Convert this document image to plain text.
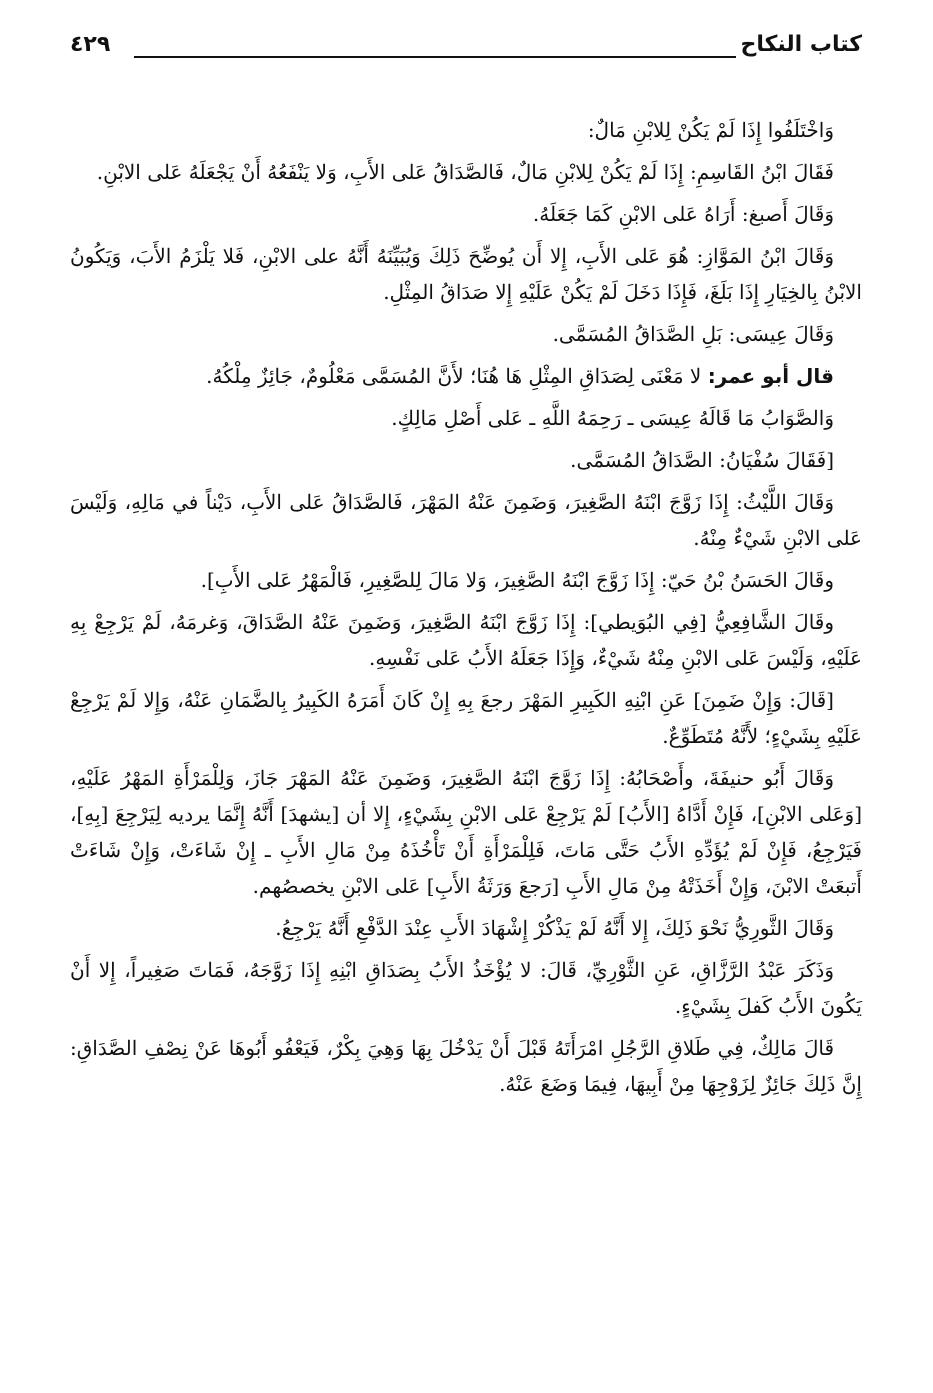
كتاب النكاح
٤٢٩

وَاخْتَلَفُوا إِذَا لَمْ يَكُنْ لِلابْنِ مَالٌ:

فَقَالَ ابْنُ القَاسِمِ: إِذَا لَمْ يَكُنْ لِلابْنِ مَالٌ، فَالصَّدَاقُ عَلى الأَبِ، وَلا يَنْفَعُهُ أَنْ يَجْعَلَهُ عَلى الابْنِ.

وَقَالَ أَصبغ: أَرَاهُ عَلى الابْنِ كَمَا جَعَلَهُ.

وَقَالَ ابْنُ المَوَّازِ: هُوَ عَلى الأَبِ، إِلا أَن يُوضِّحَ ذَلِكَ وَيُبَيِّنَهُ أَنَّهُ على الابْنِ، فَلا يَلْزَمُ الأَبَ، وَيَكُونُ الابْنُ بِالخِيَارِ إِذَا بَلَغَ، فَإِذَا دَخَلَ لَمْ يَكُنْ عَلَيْهِ إِلا صَدَاقُ المِثْلِ.

وَقَالَ عِيسَى: بَلِ الصَّدَاقُ المُسَمَّى.

قال أبو عمر: لا مَعْنَى لِصَدَاقِ المِثْلِ هَا هُنَا؛ لأَنَّ المُسَمَّى مَعْلُومٌ، جَائِزٌ مِلْكُهُ.

وَالصَّوَابُ مَا قَالَهُ عِيسَى ـ رَحِمَهُ اللَّهِ ـ عَلى أَصْلِ مَالِكٍ.

[فَقَالَ سُفْيَانُ: الصَّدَاقُ المُسَمَّى.

وَقَالَ اللَّيْثُ: إِذَا زَوَّجَ ابْنَهُ الصَّغِيرَ، وَضَمِنَ عَنْهُ المَهْرَ، فَالصَّدَاقُ عَلى الأَبِ، دَيْناً في مَالِهِ، وَلَيْسَ عَلى الابْنِ شَيْءٌ مِنْهُ.

وقَالَ الحَسَنُ بْنُ حَيّ: إِذَا زَوَّجَ ابْنَهُ الصَّغِيرَ، وَلا مَالَ لِلصَّغِيرِ، فَالْمَهْرُ عَلى الأَبِ].

وقَالَ الشَّافِعِيُّ [فِي البُوَيطي]: إِذَا زَوَّجَ ابْنَهُ الصَّغِيرَ، وَضَمِنَ عَنْهُ الصَّدَاقَ، وَغرمَهُ، لَمْ يَرْجِعْ بِهِ عَلَيْهِ، وَلَيْسَ عَلى الابْنِ مِنْهُ شَيْءٌ، وَإِذَا جَعَلَهُ الأَبُ عَلى نَفْسِهِ.

[قَالَ: وَإِنْ ضَمِنَ] عَنِ ابْنِهِ الكَبِيرِ المَهْرَ رجعَ بِهِ إِنْ كَانَ أَمَرَهُ الكَبِيرُ بِالضَّمَانِ عَنْهُ، وَإِلا لَمْ يَرْجِعْ عَلَيْهِ بِشَيْءٍ؛ لأَنَّهُ مُتَطَوِّعٌ.

وَقَالَ أَبُو حنيفَةَ، وأَصْحَابُهُ: إِذَا زَوَّجَ ابْنَهُ الصَّغِيرَ، وَضَمِنَ عَنْهُ المَهْرَ جَازَ، وَلِلْمَرْأَةِ المَهْرُ عَلَيْهِ، [وَعَلى الابْنِ]، فَإِنْ أَدَّاهُ [الأَبُ] لَمْ يَرْجِعْ عَلى الابْنِ بِشَيْءٍ، إِلا أن [يشهدَ] أَنَّهُ إِنَّمَا يرديه لِيَرْجِعَ [بِهِ]، فَيَرْجِعُ، فَإِنْ لَمْ يُؤَدِّهِ الأَبُ حَتَّى مَاتَ، فَلِلْمَرْأَةِ أَنْ تَأْخُذَهُ مِنْ مَالِ الأَبِ ـ إِنْ شَاءَتْ، وَإِنْ شَاءَتْ أَتبعَتْ الابْنَ، وَإِنْ أَخَذَتْهُ مِنْ مَالِ الأَبِ [رَجعَ وَرَثَةُ الأَبِ] عَلى الابْنِ يخصصُهم.

وَقَالَ الثَّورِيُّ نَحْوَ ذَلِكَ، إِلا أَنَّهُ لَمْ يَذْكُرْ إِشْهَادَ الأَبِ عِنْدَ الدَّفْعِ أَنَّهُ يَرْجِعُ.

وَذَكَرَ عَبْدُ الرَّزَّاقِ، عَنِ الثَّوْرِيِّ، قَالَ: لا يُؤْخَذُ الأَبُ بِصَدَاقِ ابْنِهِ إِذَا زَوَّجَهُ، فَمَاتَ صَغِيراً، إِلا أَنْ يَكُونَ الأَبُ كَفلَ بِشَيْءٍ.

قَالَ مَالِكٌ، فِي طَلاقِ الرَّجُلِ امْرَأَتَهُ قَبْلَ أَنْ يَدْخُلَ بِهَا وَهِيَ بِكْرٌ، فَيَعْفُو أَبُوهَا عَنْ نِصْفِ الصَّدَاقِ: إِنَّ ذَلِكَ جَائِزٌ لِزَوْجِهَا مِنْ أَبِيهَا، فِيمَا وَضَعَ عَنْهُ.
